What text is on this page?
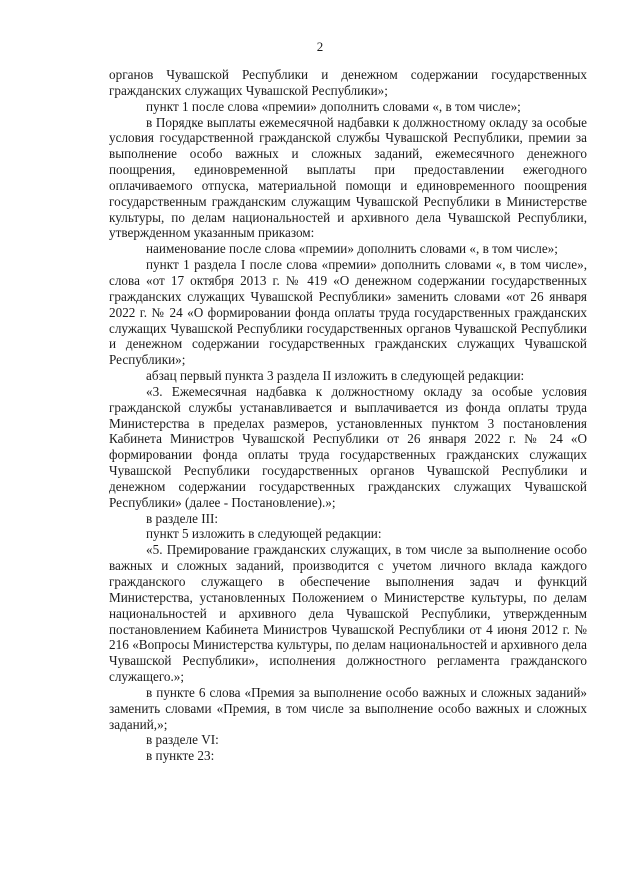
2

органов Чувашской Республики и денежном содержании государственных гражданских служащих Чувашской Республики»;

пункт 1 после слова «премии» дополнить словами «, в том числе»;

в Порядке выплаты ежемесячной надбавки к должностному окладу за особые условия государственной гражданской службы Чувашской Республики, премии за выполнение особо важных и сложных заданий, ежемесячного денежного поощрения, единовременной выплаты при предоставлении ежегодного оплачиваемого отпуска, материальной помощи и единовременного поощрения государственным гражданским служащим Чувашской Республики в Министерстве культуры, по делам национальностей и архивного дела Чувашской Республики, утвержденном указанным приказом:

наименование после слова «премии» дополнить словами «, в том числе»;

пункт 1 раздела I после слова «премии» дополнить словами «, в том числе», слова «от 17 октября 2013 г. № 419 «О денежном содержании государственных гражданских служащих Чувашской Республики» заменить словами «от 26 января 2022 г. № 24 «О формировании фонда оплаты труда государственных гражданских служащих Чувашской Республики государственных органов Чувашской Республики и денежном содержании государственных гражданских служащих Чувашской Республики»;

абзац первый пункта 3 раздела II изложить в следующей редакции:

«3. Ежемесячная надбавка к должностному окладу за особые условия гражданской службы устанавливается и выплачивается из фонда оплаты труда Министерства в пределах размеров, установленных пунктом 3 постановления Кабинета Министров Чувашской Республики от 26 января 2022 г. № 24 «О формировании фонда оплаты труда государственных гражданских служащих Чувашской Республики государственных органов Чувашской Республики и денежном содержании государственных гражданских служащих Чувашской Республики» (далее - Постановление).»;

в разделе III:

пункт 5 изложить в следующей редакции:

«5. Премирование гражданских служащих, в том числе за выполнение особо важных и сложных заданий, производится с учетом личного вклада каждого гражданского служащего в обеспечение выполнения задач и функций Министерства, установленных Положением о Министерстве культуры, по делам национальностей и архивного дела Чувашской Республики, утвержденным постановлением Кабинета Министров Чувашской Республики от 4 июня 2012 г. № 216 «Вопросы Министерства культуры, по делам национальностей и архивного дела Чувашской Республики», исполнения должностного регламента гражданского служащего.»;

в пункте 6 слова «Премия за выполнение особо важных и сложных заданий» заменить словами «Премия, в том числе за выполнение особо важных и сложных заданий,»;

в разделе VI:

в пункте 23:
